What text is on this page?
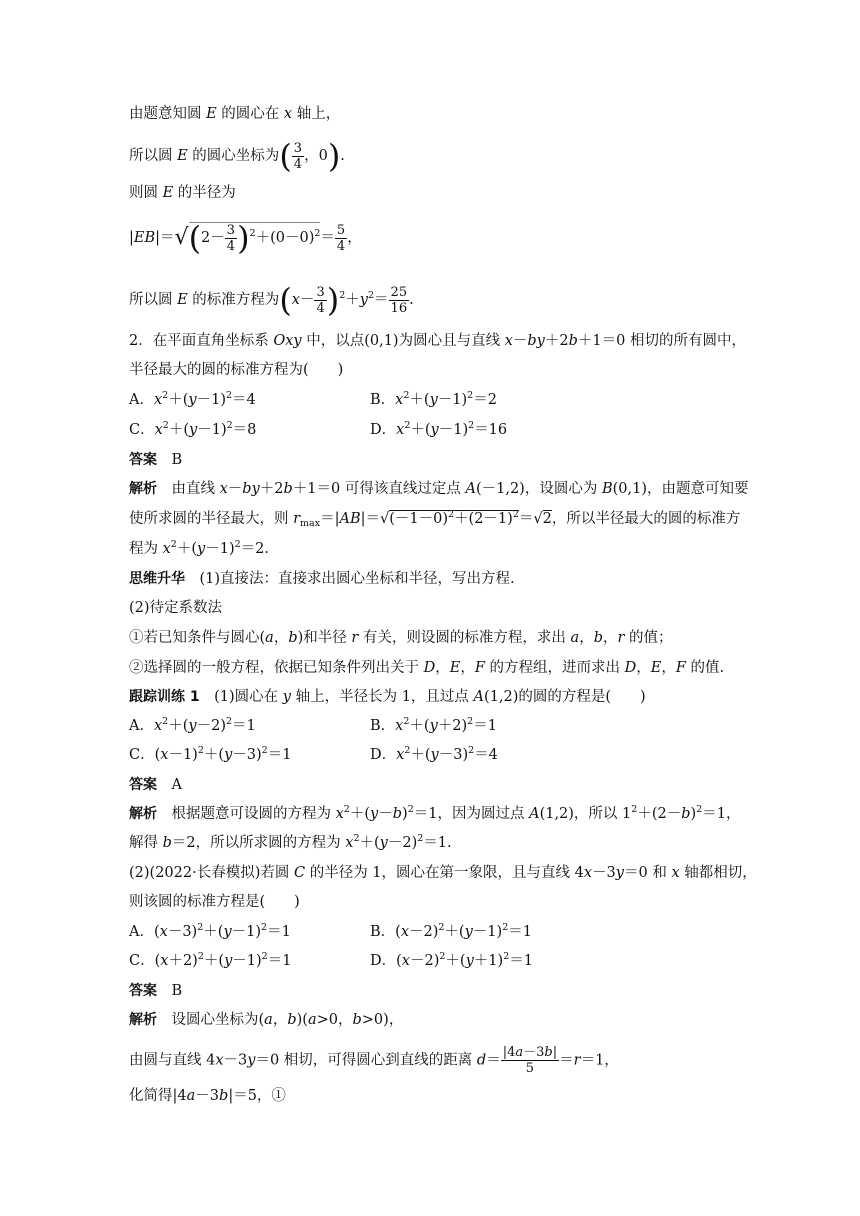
由题意知圆 E 的圆心在 x 轴上，
所以圆 E 的圆心坐标为( $\frac{3}{4}$ ，0).
则圆 E 的半径为
|EB|＝
$√(2- \frac{3}{4} )^2+(0-0)^2= \frac{5}{4}$ ，
所以圆 E 的标准方程为$(x- \frac{3}{4} )^2+y^2= \frac{25}{16}$ .
2．在平面直角坐标系 Oxy 中，以点(0,1)为圆心且与直线 x－by＋2b＋1＝0 相切的所有圆中，
半径最大的圆的标准方程为(　　)
A．$x^2+(y-1)^2=4$	B．$x^2+(y-1)^2=2$
C．$x^2+(y-1)^2=8$	D．$x^2+(y-1)^2=16$
答案　 B
解析　由直线 x－by＋2b＋1＝0 可得该直线过定点 A(－1,2)，设圆心为 B(0,1)，由题意可知要
使所求圆的半径最大，则 $r_{max}=|AB|=√(-1-0)^2+(2-1)^2=√2$，所以半径最大的圆的标准方
程为 $x^2+(y-1)^2=2$.
思维升华　 (1)直接法：直接求出圆心坐标和半径，写出方程.
(2)待定系数法
①若已知条件与圆心(a，b)和半径 r 有关，则设圆的标准方程，求出 a，b，r 的值；
②选择圆的一般方程，依据已知条件列出关于 D，E，F 的方程组，进而求出 D，E，F 的值.
跟踪训练 1　(1)圆心在 y 轴上，半径长为 1，且过点 A(1,2)的圆的方程是(　　)
A．$x^2+(y-2)^2=1$	B．$x^2+(y+2)^2=1$
C．$(x-1)^2+(y-3)^2=1$	D．$x^2+(y-3)^2=4$
答案　 A
解析　根据题意可设圆的方程为 $x^2+(y-b)^2=1$，因为圆过点 A(1,2)，所以 $1^2+(2-b)^2=1$，
解得 b＝2，所以所求圆的方程为 $x^2+(y-2)^2=1$.
(2)(2022·长春模拟)若圆 C 的半径为 1，圆心在第一象限，且与直线 4x－3y＝0 和 x 轴都相切，
则该圆的标准方程是(　　)
A．$(x-3)^2+(y-1)^2=1$	B．$(x-2)^2+(y-1)^2=1$
C．$(x+2)^2+(y-1)^2=1$	D．$(x-2)^2+(y+1)^2=1$
答案　 B
解析　设圆心坐标为(a，b)(a>0，b>0)，
由圆与直线 4x－3y＝0 相切，可得圆心到直线的距离 $d= \frac{|4a-3b|}{5} =r=1$，
化简得|4a－3b|＝5，①
